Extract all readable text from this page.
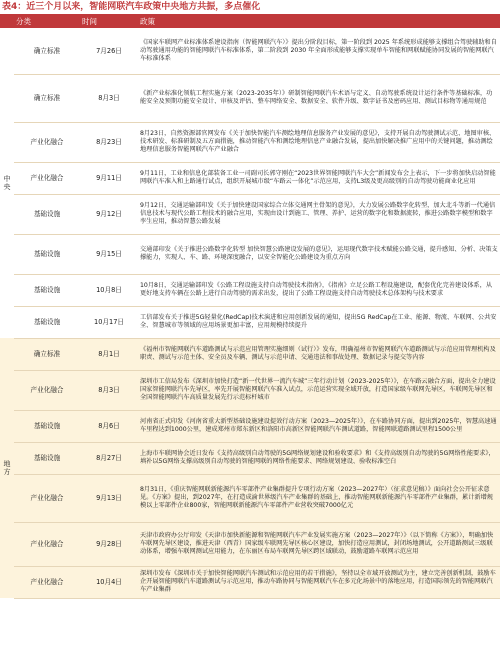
表4：近三个月以来，智能网联汽车政策中央地方共振，多点催化
	分类	时间	政策
中央	确立标准	7月26日	《国家车联网产业标准体系建设指南（智能网联汽车）》提出分阶段目标，第一阶段到 2025 年系统形成能够支撑组合驾驶辅助和自动驾驶通用功能的智能网联汽车标准体系，第二阶段到 2030 年全面形成能够支撑实现单车智能和网联赋能协同发展的智能网联汽车标准体系
	确立标准	8月3日	《新产业标准化领航工程实施方案（2023-2035年）》研制智能网联汽车术语与定义、自动驾驶系统设计运行条件等基础标准，功能安全及预期功能安全设计、审核及评估、整车网络安全、数据安全、软件升级、数字证书及密码应用、测试目标物等通用规范
	产业化融合	8月23日	8月23日，自然资源部官网发布《关于加快智能汽车测绘地理信息服务产业发展的意见》，支持开展自动驾驶测试示范、地图审核、技术研发、标准研制及五方面措施，推动智能汽车和测绘地理信息产业融合发展，提出加快解决推广应用中的关键问题，推动测绘地理信息服务智能网联汽车产业融合
	产业化融合	9月11日	9月11日，工业和信息化部装备工业一司副司长郭守刚在“2023世界智能网联汽车大会”新闻发布会上表示，下一步将加快启动智能网联汽车准入和上路通行试点，组织开展城市级“车路云一体化”示范应用，支持L3级及更高级别的自动驾驶功能商业化应用
	基础设施	9月12日	9月12日，交通运输部印发《关于加快建设国家综合立体交通网主骨架的意见》，大力发展公路数字化转型，加大北斗等新一代通信信息技术与现代公路工程技术的融合应用，实现由设计到施工、管理、养护、运营的数字化和数据流转，推进公路数字模型和数字孪生应用，推动智慧公路发展
	基础设施	9月15日	交通部印发《关于推进公路数字化转型 加快智慧公路建设发展的意见》，运用现代数字技术赋能公路交通，提升感知、分析、决策支撑能力，实现人、车、路、环境深度融合，以安全智能化公路建设为重点方向
	基础设施	10月8日	10月8日，交通运输部印发《公路工程设施支持自动驾驶技术指南》，《指南》立足公路工程设施建设，配套优化完善建设体系，从更好地支持车辆在公路上进行自动驾驶的需求出发，提出了公路工程设施支持自动驾驶技术总体架构与技术要求
	基础设施	10月17日	工信部发布关于推进5G轻量化(RedCap)技术演进和应用创新发展的通知，提出5G RedCap在工业、能源、物流、车联网、公共安全、智慧城市等领域的应用场景更加丰富，应用规模持续提升
地方	确立标准	8月1日	《福州市智能网联汽车道路测试与示范应用管理实施细则（试行）》发布，明确福州市智能网联汽车道路测试与示范应用管理机构及职责、测试与示范主体、安全员及车辆、测试与示范申请、交通违法和事故处理、数据记录与提交等内容
	产业化融合	8月3日	深圳市工信局发布《深圳市加快打造“新一代世界一流汽车城”三年行动计划（2023-2025年）》，在车路云融合方面，提出全力建设国家智能网联汽车先导区，率先开展智能网联汽车准入试点，示范运营实现全域开放，打造国家级车联网先导区，车联网先导区和全国智能网联汽车高质量发展先行示范标杆城市
	基础设施	8月6日	河南省正式印发《河南省重大新型基础设施建设提效行动方案（2023—2025年）》，在车路协同方面，提出到2025年，智慧高速通车里程达到1000公里，建成郑州市郑东新区和洛阳市高新区智能网联汽车测试道路，智能网联道路测试里程1500公里
	基础设施	8月27日	上海市车联网协会近日发布《支持高级别自动驾驶的5G网络规划建设和验收要求》和《支持高级别自动驾驶的5G网络性能要求》，填补以5G网络支撑高级别自动驾驶的智能网联的网络性能要求、网络规划建设、验收标准空白
	产业化融合	9月13日	8月31日，《重庆智能网联新能源汽车零部件产业集群提升专项行动方案（2023—2027年）（征求意见稿）》面向社会公开征求意见。《方案》提出，到2027年，在打造成渝世界级汽车产业集群的基础上，推动智能网联新能源汽车零部件产业集群，累计新增规模以上零部件企业800家，智能网联新能源汽车零部件产业营收突破7000亿元
	产业化融合	9月28日	天津市政府办公厅印发《天津市加快新能源和智能网联汽车产业发展实施方案（2023—2027年）》（以下简称《方案》），明确加快车联网先导区建设，推进天津（西青）国家级车联网先导区核心区建设，加快打造应用测试，封闭场地测试，公开道路测试三级联动体系，增强车联网测试应用能力，在东丽区布局车联网先导区跨区域联动，鼓励道路车联网示范应用
	产业化融合	10月4日	深圳市发布《深圳市关于加快智能网联汽车测试和示范应用的若干措施》，坚持以全市域开放测试为主，建立完善创新机制，鼓励车企开展智能网联汽车道路测试与示范应用，推动车路协同与智能网联汽车在多元化场景中的落地应用，打造国际领先的智能网联汽车产业集群
